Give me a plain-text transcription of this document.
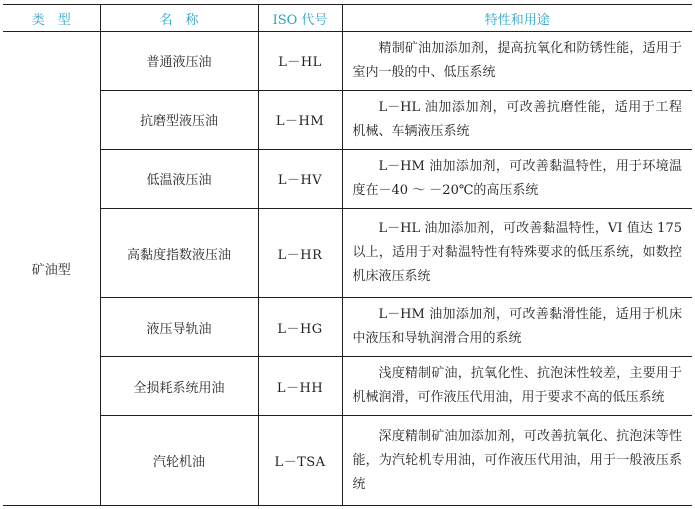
类　型	名　称	ISO 代号	特性和用途
矿油型	普通液压油	L－HL	精制矿油加添加剂，提高抗氧化和防锈性能，适用于室内一般的中、低压系统
	抗磨型液压油	L－HM	L－HL 油加添加剂，可改善抗磨性能，适用于工程机械、车辆液压系统
	低温液压油	L－HV	L－HM 油加添加剂，可改善黏温特性，用于环境温度在－40 ～ －20℃的高压系统
	高黏度指数液压油	L－HR	L－HL 油加添加剂，可改善黏温特性，VI 值达 175 以上，适用于对黏温特性有特殊要求的低压系统，如数控机床液压系统
	液压导轨油	L－HG	L－HM 油加添加剂，可改善黏滑性能，适用于机床中液压和导轨润滑合用的系统
	全损耗系统用油	L－HH	浅度精制矿油，抗氧化性、抗泡沫性较差，主要用于机械润滑，可作液压代用油，用于要求不高的低压系统
	汽轮机油	L－TSA	深度精制矿油加添加剂，可改善抗氧化、抗泡沫等性能，为汽轮机专用油，可作液压代用油，用于一般液压系统
